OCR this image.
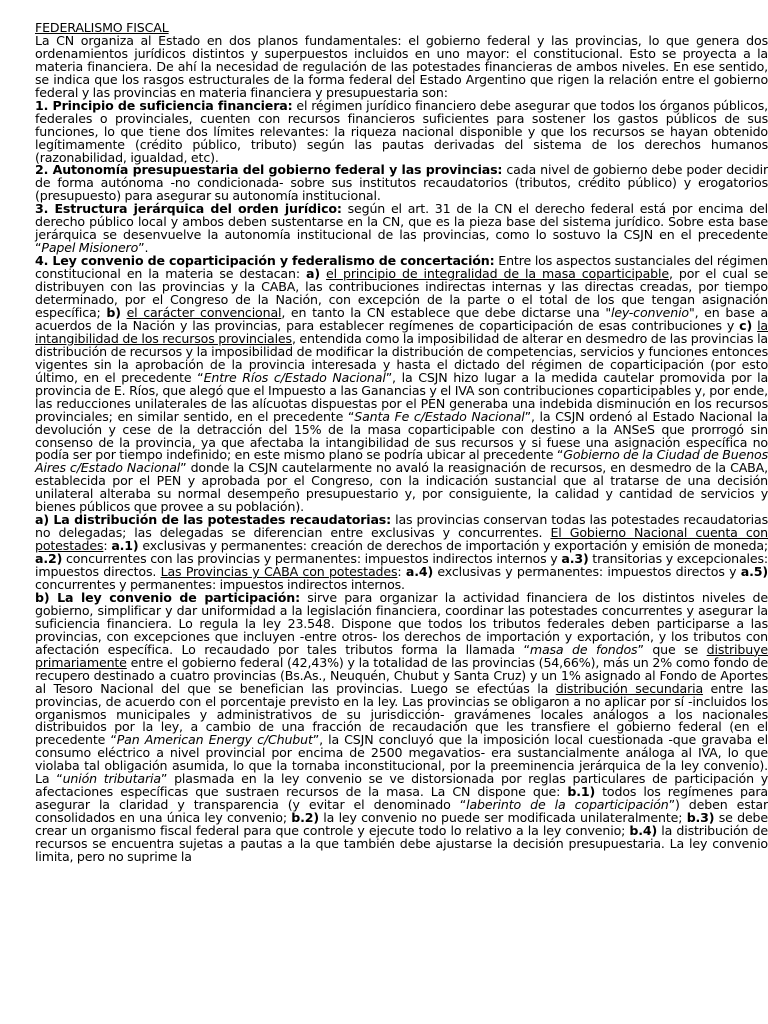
FEDERALISMO FISCAL

La CN organiza al Estado en dos planos fundamentales: el gobierno federal y las provincias, lo que genera dos ordenamientos jurídicos distintos y superpuestos incluidos en uno mayor: el constitucional. Esto se proyecta a la materia financiera. De ahí la necesidad de regulación de las potestades financieras de ambos niveles. En ese sentido, se indica que los rasgos estructurales de la forma federal del Estado Argentino que rigen la relación entre el gobierno federal y las provincias en materia financiera y presupuestaria son:

1. Principio de suficiencia financiera: el régimen jurídico financiero debe asegurar que todos los órganos públicos, federales o provinciales, cuenten con recursos financieros suficientes para sostener los gastos públicos de sus funciones, lo que tiene dos límites relevantes: la riqueza nacional disponible y que los recursos se hayan obtenido legítimamente (crédito público, tributo) según las pautas derivadas del sistema de los derechos humanos (razonabilidad, igualdad, etc).

2. Autonomía presupuestaria del gobierno federal y las provincias: cada nivel de gobierno debe poder decidir de forma autónoma -no condicionada- sobre sus institutos recaudatorios (tributos, crédito público) y erogatorios (presupuesto) para asegurar su autonomía institucional.

3. Estructura jerárquica del orden jurídico: según el art. 31 de la CN el derecho federal está por encima del derecho público local y ambos deben sustentarse en la CN, que es la pieza base del sistema jurídico. Sobre esta base jerárquica se desenvuelve la autonomía institucional de las provincias, como lo sostuvo la CSJN en el precedente “Papel Misionero”.

4. Ley convenio de coparticipación y federalismo de concertación: Entre los aspectos sustanciales del régimen constitucional en la materia se destacan: a) el principio de integralidad de la masa coparticipable, por el cual se distribuyen con las provincias y la CABA, las contribuciones indirectas internas y las directas creadas, por tiempo determinado, por el Congreso de la Nación, con excepción de la parte o el total de los que tengan asignación específica; b) el carácter convencional, en tanto la CN establece que debe dictarse una "ley-convenio", en base a acuerdos de la Nación y las provincias, para establecer regímenes de coparticipación de esas contribuciones y c) la intangibilidad de los recursos provinciales, entendida como la imposibilidad de alterar en desmedro de las provincias la distribución de recursos y la imposibilidad de modificar la distribución de competencias, servicios y funciones entonces vigentes sin la aprobación de la provincia interesada y hasta el dictado del régimen de coparticipación (por esto último, en el precedente “Entre Ríos c/Estado Nacional”, la CSJN hizo lugar a la medida cautelar promovida por la provincia de E. Ríos, que alegó que el Impuesto a las Ganancias y el IVA son contribuciones coparticipables y, por ende, las reducciones unilaterales de las alícuotas dispuestas por el PEN generaba una indebida disminución en los recursos provinciales; en similar sentido, en el precedente “Santa Fe c/Estado Nacional”, la CSJN ordenó al Estado Nacional la devolución y cese de la detracción del 15% de la masa coparticipable con destino a la ANSeS que prorrogó sin consenso de la provincia, ya que afectaba la intangibilidad de sus recursos y si fuese una asignación específica no podía ser por tiempo indefinido; en este mismo plano se podría ubicar al precedente “Gobierno de la Ciudad de Buenos Aires c/Estado Nacional” donde la CSJN cautelarmente no avaló la reasignación de recursos, en desmedro de la CABA, establecida por el PEN y aprobada por el Congreso, con la indicación sustancial que al tratarse de una decisión unilateral alteraba su normal desempeño presupuestario y, por consiguiente, la calidad y cantidad de servicios y bienes públicos que provee a su población).

a) La distribución de las potestades recaudatorias: las provincias conservan todas las potestades recaudatorias no delegadas; las delegadas se diferencian entre exclusivas y concurrentes. El Gobierno Nacional cuenta con potestades: a.1) exclusivas y permanentes: creación de derechos de importación y exportación y emisión de moneda; a.2) concurrentes con las provincias y permanentes: impuestos indirectos internos y a.3) transitorias y excepcionales: impuestos directos. Las Provincias y CABA con potestades: a.4) exclusivas y permanentes: impuestos directos y a.5) concurrentes y permanentes: impuestos indirectos internos.

b) La ley convenio de participación: sirve para organizar la actividad financiera de los distintos niveles de gobierno, simplificar y dar uniformidad a la legislación financiera, coordinar las potestades concurrentes y asegurar la suficiencia financiera. Lo regula la ley 23.548. Dispone que todos los tributos federales deben participarse a las provincias, con excepciones que incluyen -entre otros- los derechos de importación y exportación, y los tributos con afectación específica. Lo recaudado por tales tributos forma la llamada “masa de fondos” que se distribuye primariamente entre el gobierno federal (42,43%) y la totalidad de las provincias (54,66%), más un 2% como fondo de recupero destinado a cuatro provincias (Bs.As., Neuquén, Chubut y Santa Cruz) y un 1% asignado al Fondo de Aportes al Tesoro Nacional del que se benefician las provincias. Luego se efectúas la distribución secundaria entre las provincias, de acuerdo con el porcentaje previsto en la ley. Las provincias se obligaron a no aplicar por sí -incluidos los organismos municipales y administrativos de su jurisdicción- gravámenes locales análogos a los nacionales distribuidos por la ley, a cambio de una fracción de recaudación que les transfiere el gobierno federal (en el precedente “Pan American Energy c/Chubut”, la CSJN concluyó que la imposición local cuestionada -que gravaba el consumo eléctrico a nivel provincial por encima de 2500 megavatios- era sustancialmente análoga al IVA, lo que violaba tal obligación asumida, lo que la tornaba inconstitucional, por la preeminencia jerárquica de la ley convenio). La “unión tributaria” plasmada en la ley convenio se ve distorsionada por reglas particulares de participación y afectaciones específicas que sustraen recursos de la masa. La CN dispone que: b.1) todos los regímenes para asegurar la claridad y transparencia (y evitar el denominado “laberinto de la coparticipación”) deben estar consolidados en una única ley convenio; b.2) la ley convenio no puede ser modificada unilateralmente; b.3) se debe crear un organismo fiscal federal para que controle y ejecute todo lo relativo a la ley convenio; b.4) la distribución de recursos se encuentra sujetas a pautas a la que también debe ajustarse la decisión presupuestaria. La ley convenio limita, pero no suprime la
